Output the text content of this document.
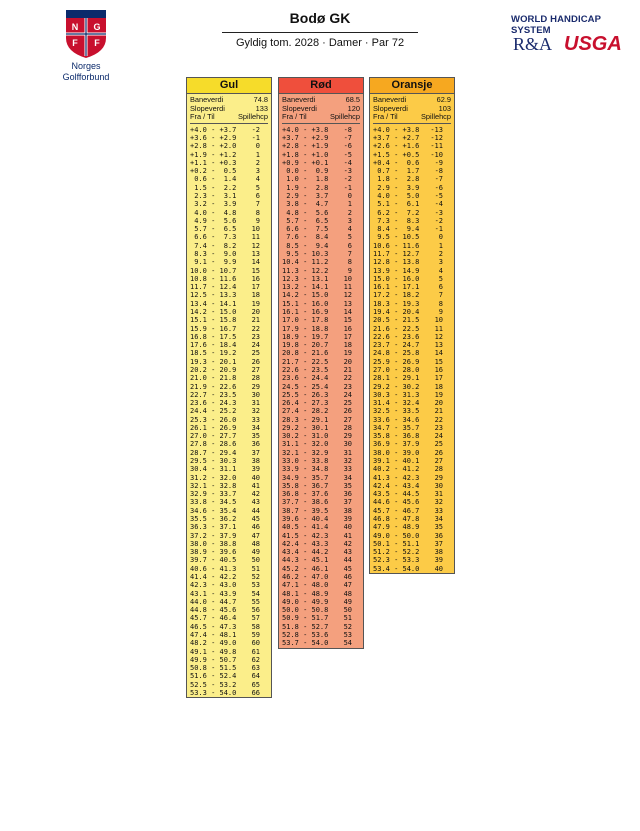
N G
F F
Norges
Golfforbund
Bodø GK
Gyldig tom. 2028 · Damer · Par 72
WORLD HANDICAP SYSTEM
R&A USGA
Gul
Baneverdi	74.8
Slopeverdi	133
Fra / Til	Spillehcp
+4.0 - +3.7	-2
+3.6 - +2.9	-1
+2.8 - +2.0	0
+1.9 - +1.2	1
+1.1 - +0.3	2
+0.2 -  0.5	3
0.6 -  1.4	4
1.5 -  2.2	5
2.3 -  3.1	6
3.2 -  3.9	7
4.0 -  4.8	8
4.9 -  5.6	9
5.7 -  6.5	10
6.6 -  7.3	11
7.4 -  8.2	12
8.3 -  9.0	13
9.1 -  9.9	14
10.0 - 10.7	15
10.8 - 11.6	16
11.7 - 12.4	17
12.5 - 13.3	18
13.4 - 14.1	19
14.2 - 15.0	20
15.1 - 15.8	21
15.9 - 16.7	22
16.8 - 17.5	23
17.6 - 18.4	24
18.5 - 19.2	25
19.3 - 20.1	26
20.2 - 20.9	27
21.0 - 21.8	28
21.9 - 22.6	29
22.7 - 23.5	30
23.6 - 24.3	31
24.4 - 25.2	32
25.3 - 26.0	33
26.1 - 26.9	34
27.0 - 27.7	35
27.8 - 28.6	36
28.7 - 29.4	37
29.5 - 30.3	38
30.4 - 31.1	39
31.2 - 32.0	40
32.1 - 32.8	41
32.9 - 33.7	42
33.8 - 34.5	43
34.6 - 35.4	44
35.5 - 36.2	45
36.3 - 37.1	46
37.2 - 37.9	47
38.0 - 38.8	48
38.9 - 39.6	49
39.7 - 40.5	50
40.6 - 41.3	51
41.4 - 42.2	52
42.3 - 43.0	53
43.1 - 43.9	54
44.0 - 44.7	55
44.8 - 45.6	56
45.7 - 46.4	57
46.5 - 47.3	58
47.4 - 48.1	59
48.2 - 49.0	60
49.1 - 49.8	61
49.9 - 50.7	62
50.8 - 51.5	63
51.6 - 52.4	64
52.5 - 53.2	65
53.3 - 54.0	66
Rød
Baneverdi	68.5
Slopeverdi	120
Fra / Til	Spillehcp
+4.0 - +3.8	-8
+3.7 - +2.9	-7
+2.8 - +1.9	-6
+1.8 - +1.0	-5
+0.9 - +0.1	-4
0.0 -  0.9	-3
1.0 -  1.8	-2
1.9 -  2.8	-1
2.9 -  3.7	0
3.8 -  4.7	1
4.8 -  5.6	2
5.7 -  6.5	3
6.6 -  7.5	4
7.6 -  8.4	5
8.5 -  9.4	6
9.5 - 10.3	7
10.4 - 11.2	8
11.3 - 12.2	9
12.3 - 13.1	10
13.2 - 14.1	11
14.2 - 15.0	12
15.1 - 16.0	13
16.1 - 16.9	14
17.0 - 17.8	15
17.9 - 18.8	16
18.9 - 19.7	17
19.8 - 20.7	18
20.8 - 21.6	19
21.7 - 22.5	20
22.6 - 23.5	21
23.6 - 24.4	22
24.5 - 25.4	23
25.5 - 26.3	24
26.4 - 27.3	25
27.4 - 28.2	26
28.3 - 29.1	27
29.2 - 30.1	28
30.2 - 31.0	29
31.1 - 32.0	30
32.1 - 32.9	31
33.0 - 33.8	32
33.9 - 34.8	33
34.9 - 35.7	34
35.8 - 36.7	35
36.8 - 37.6	36
37.7 - 38.6	37
38.7 - 39.5	38
39.6 - 40.4	39
40.5 - 41.4	40
41.5 - 42.3	41
42.4 - 43.3	42
43.4 - 44.2	43
44.3 - 45.1	44
45.2 - 46.1	45
46.2 - 47.0	46
47.1 - 48.0	47
48.1 - 48.9	48
49.0 - 49.9	49
50.0 - 50.8	50
50.9 - 51.7	51
51.8 - 52.7	52
52.8 - 53.6	53
53.7 - 54.0	54
Oransje
Baneverdi	62.9
Slopeverdi	103
Fra / Til	Spillehcp
+4.0 - +3.8	-13
+3.7 - +2.7	-12
+2.6 - +1.6	-11
+1.5 - +0.5	-10
+0.4 -  0.6	-9
0.7 -  1.7	-8
1.8 -  2.8	-7
2.9 -  3.9	-6
4.0 -  5.0	-5
5.1 -  6.1	-4
6.2 -  7.2	-3
7.3 -  8.3	-2
8.4 -  9.4	-1
9.5 - 10.5	0
10.6 - 11.6	1
11.7 - 12.7	2
12.8 - 13.8	3
13.9 - 14.9	4
15.0 - 16.0	5
16.1 - 17.1	6
17.2 - 18.2	7
18.3 - 19.3	8
19.4 - 20.4	9
20.5 - 21.5	10
21.6 - 22.5	11
22.6 - 23.6	12
23.7 - 24.7	13
24.8 - 25.8	14
25.9 - 26.9	15
27.0 - 28.0	16
28.1 - 29.1	17
29.2 - 30.2	18
30.3 - 31.3	19
31.4 - 32.4	20
32.5 - 33.5	21
33.6 - 34.6	22
34.7 - 35.7	23
35.8 - 36.8	24
36.9 - 37.9	25
38.0 - 39.0	26
39.1 - 40.1	27
40.2 - 41.2	28
41.3 - 42.3	29
42.4 - 43.4	30
43.5 - 44.5	31
44.6 - 45.6	32
45.7 - 46.7	33
46.8 - 47.8	34
47.9 - 48.9	35
49.0 - 50.0	36
50.1 - 51.1	37
51.2 - 52.2	38
52.3 - 53.3	39
53.4 - 54.0	40
